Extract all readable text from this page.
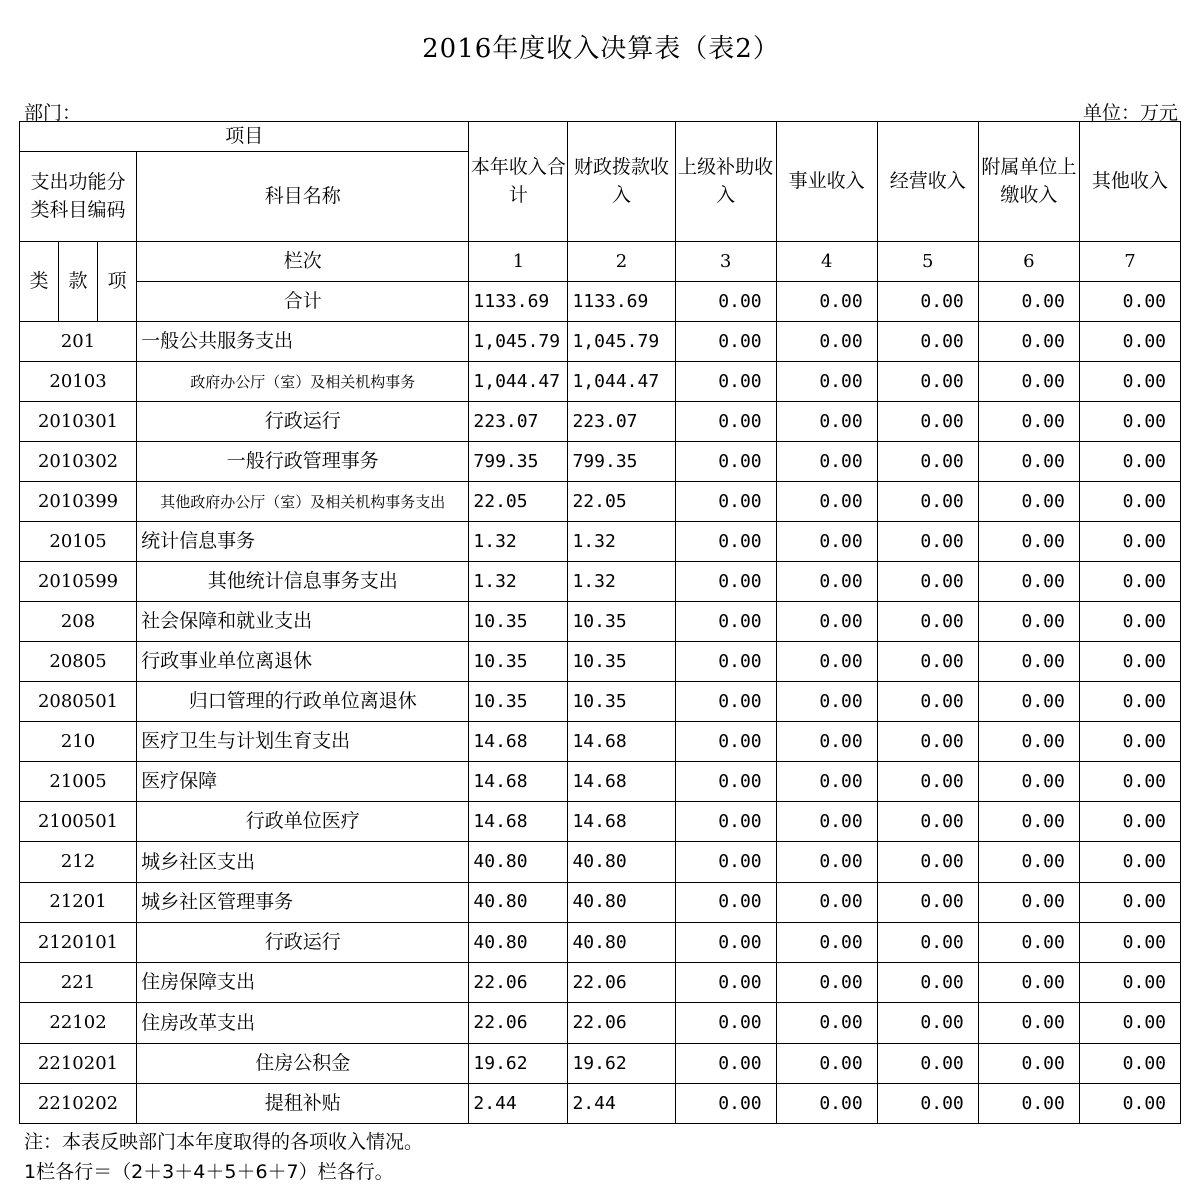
2016年度收入决算表（表2）
部门：	单位：万元
项目				本年收入合计	财政拨款收入	上级补助收入	事业收入	经营收入	附属单位上缴收入	其他收入
支出功能分类科目编码			科目名称							
类	款	项	栏次	1	2	3	4	5	6	7
			合计	1133.69	1133.69	0.00	0.00	0.00	0.00	0.00
201			一般公共服务支出	1,045.79	1,045.79	0.00	0.00	0.00	0.00	0.00
20103			政府办公厅（室）及相关机构事务	1,044.47	1,044.47	0.00	0.00	0.00	0.00	0.00
2010301			行政运行	223.07	223.07	0.00	0.00	0.00	0.00	0.00
2010302			一般行政管理事务	799.35	799.35	0.00	0.00	0.00	0.00	0.00
2010399			其他政府办公厅（室）及相关机构事务支出	22.05	22.05	0.00	0.00	0.00	0.00	0.00
20105			统计信息事务	1.32	1.32	0.00	0.00	0.00	0.00	0.00
2010599			其他统计信息事务支出	1.32	1.32	0.00	0.00	0.00	0.00	0.00
208			社会保障和就业支出	10.35	10.35	0.00	0.00	0.00	0.00	0.00
20805			行政事业单位离退休	10.35	10.35	0.00	0.00	0.00	0.00	0.00
2080501			归口管理的行政单位离退休	10.35	10.35	0.00	0.00	0.00	0.00	0.00
210			医疗卫生与计划生育支出	14.68	14.68	0.00	0.00	0.00	0.00	0.00
21005			医疗保障	14.68	14.68	0.00	0.00	0.00	0.00	0.00
2100501			行政单位医疗	14.68	14.68	0.00	0.00	0.00	0.00	0.00
212			城乡社区支出	40.80	40.80	0.00	0.00	0.00	0.00	0.00
21201			城乡社区管理事务	40.80	40.80	0.00	0.00	0.00	0.00	0.00
2120101			行政运行	40.80	40.80	0.00	0.00	0.00	0.00	0.00
221			住房保障支出	22.06	22.06	0.00	0.00	0.00	0.00	0.00
22102			住房改革支出	22.06	22.06	0.00	0.00	0.00	0.00	0.00
2210201			住房公积金	19.62	19.62	0.00	0.00	0.00	0.00	0.00
2210202			提租补贴	2.44	2.44	0.00	0.00	0.00	0.00	0.00
注：本表反映部门本年度取得的各项收入情况。
1栏各行＝（2＋3＋4＋5＋6＋7）栏各行。
